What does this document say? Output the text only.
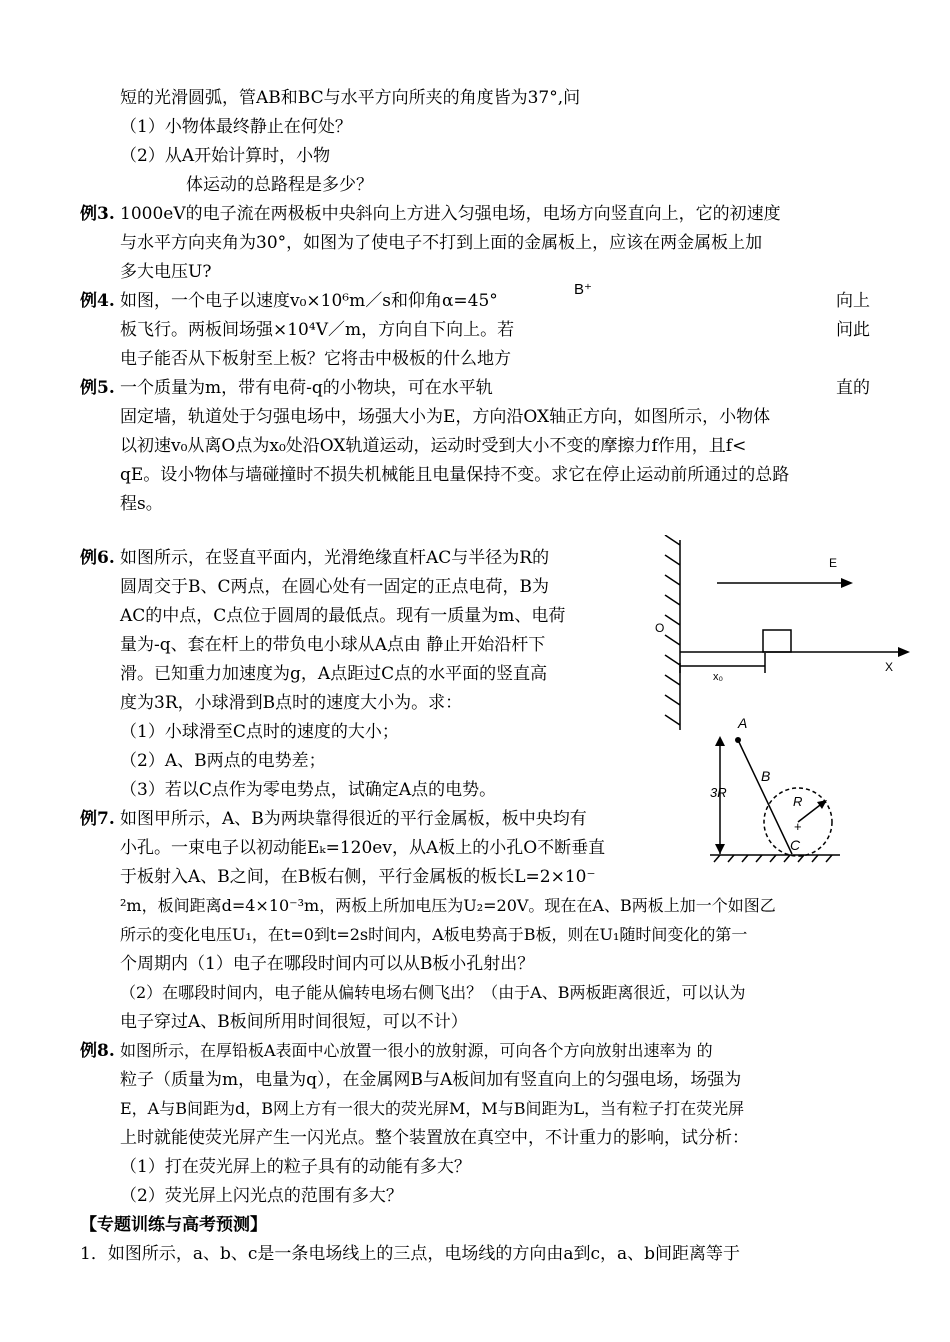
短的光滑圆弧，管AB和BC与水平方向所夹的角度皆为37°,问
（1）小物体最终静止在何处？
（2）从A开始计算时，小物
体运动的总路程是多少？
例3. 1000eV的电子流在两极板中央斜向上方进入匀强电场，电场方向竖直向上，它的初速度
与水平方向夹角为30°，如图为了使电子不打到上面的金属板上，应该在两金属板上加
多大电压U?
例4. 如图，一个电子以速度v₀×10⁶m／s和仰角α=45°	向上
板飞行。两板间场强×10⁴V／m，方向自下向上。若	问此
电子能否从下板射至上板？它将击中极板的什么地方
例5. 一个质量为m，带有电荷-q的小物块，可在水平轨	直的
固定墙，轨道处于匀强电场中，场强大小为E，方向沿OX轴正方向，如图所示，小物体
以初速v₀从离O点为x₀处沿OX轨道运动，运动时受到大小不变的摩擦力f作用，且f<
qE。设小物体与墙碰撞时不损失机械能且电量保持不变。求它在停止运动前所通过的总路
程s。
B⁺
例6. 如图所示，在竖直平面内，光滑绝缘直杆AC与半径为R的
圆周交于B、C两点，在圆心处有一固定的正点电荷，B为
AC的中点，C点位于圆周的最低点。现有一质量为m、电荷
量为-q、套在杆上的带负电小球从A点由 静止开始沿杆下
滑。已知重力加速度为g，A点距过C点的水平面的竖直高
度为3R，小球滑到B点时的速度大小为。求：
（1）小球滑至C点时的速度的大小；
（2）A、B两点的电势差；
（3）若以C点作为零电势点，试确定A点的电势。
例7. 如图甲所示，A、B为两块靠得很近的平行金属板，板中央均有
小孔。一束电子以初动能Eₖ=120ev，从A板上的小孔O不断垂直
于板射入A、B之间，在B板右侧，平行金属板的板长L=2×10⁻
²m，板间距离d=4×10⁻³m，两板上所加电压为U₂=20V。现在在A、B两板上加一个如图乙
所示的变化电压U₁，在t=0到t=2s时间内，A板电势高于B板，则在U₁随时间变化的第一
个周期内（1）电子在哪段时间内可以从B板小孔射出？
（2）在哪段时间内，电子能从偏转电场右侧飞出？（由于A、B两板距离很近，可以认为
电子穿过A、B板间所用时间很短，可以不计）
例8. 如图所示，在厚铅板A表面中心放置一很小的放射源，可向各个方向放射出速率为 的
粒子（质量为m，电量为q），在金属网B与A板间加有竖直向上的匀强电场，场强为
E，A与B间距为d，B网上方有一很大的荧光屏M，M与B间距为L，当有粒子打在荧光屏
上时就能使荧光屏产生一闪光点。整个装置放在真空中，不计重力的影响，试分析：
（1）打在荧光屏上的粒子具有的动能有多大？
（2）荧光屏上闪光点的范围有多大？
【专题训练与高考预测】
1．如图所示，a、b、c是一条电场线上的三点，电场线的方向由a到c，a、b间距离等于
E
O
X
x₀
A
B
C
R
+
3R
